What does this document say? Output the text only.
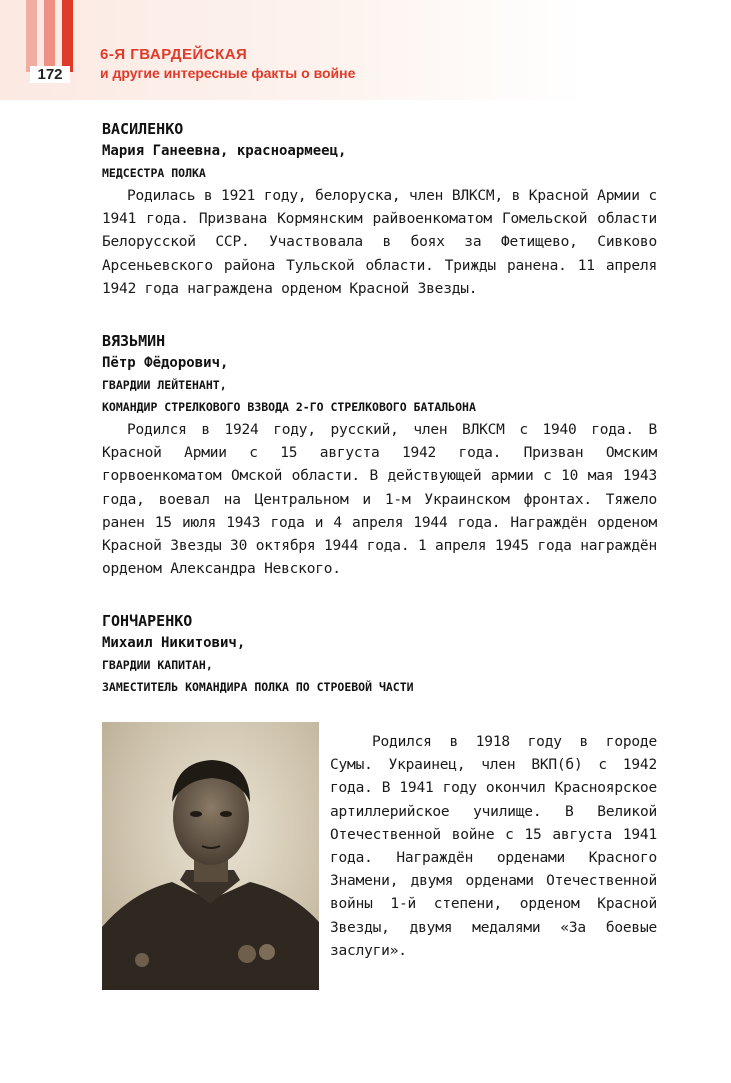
172
6-Я ГВАРДЕЙСКАЯ
и другие интересные факты о войне
ВАСИЛЕНКО
Мария Ганеевна, красноармеец,
МЕДСЕСТРА ПОЛКА

Родилась в 1921 году, белоруска, член ВЛКСМ, в Красной Армии с 1941 года. Призвана Кормянским райвоенкоматом Гомельской области Белорусской ССР. Участвовала в боях за Фетищево, Сивково Арсеньевского района Тульской области. Трижды ранена. 11 апреля 1942 года награждена орденом Красной Звезды.

ВЯЗЬМИН
Пётр Фёдорович,
ГВАРДИИ ЛЕЙТЕНАНТ,
КОМАНДИР СТРЕЛКОВОГО ВЗВОДА 2-ГО СТРЕЛКОВОГО БАТАЛЬОНА

Родился в 1924 году, русский, член ВЛКСМ с 1940 года. В Красной Армии с 15 августа 1942 года. Призван Омским горвоенкоматом Омской области. В действующей армии с 10 мая 1943 года, воевал на Центральном и 1-м Украинском фронтах. Тяжело ранен 15 июля 1943 года и 4 апреля 1944 года. Награждён орденом Красной Звезды 30 октября 1944 года. 1 апреля 1945 года награждён орденом Александра Невского.

ГОНЧАРЕНКО
Михаил Никитович,
ГВАРДИИ КАПИТАН,
ЗАМЕСТИТЕЛЬ КОМАНДИРА ПОЛКА ПО СТРОЕВОЙ ЧАСТИ

Родился в 1918 году в городе Сумы. Украинец, член ВКП(б) с 1942 года. В 1941 году окончил Красноярское артиллерийское училище. В Великой Отечественной войне с 15 августа 1941 года. Награждён орденами Красного Знамени, двумя орденами Отечественной войны 1-й степени, орденом Красной Звезды, двумя медалями «За боевые заслуги».
